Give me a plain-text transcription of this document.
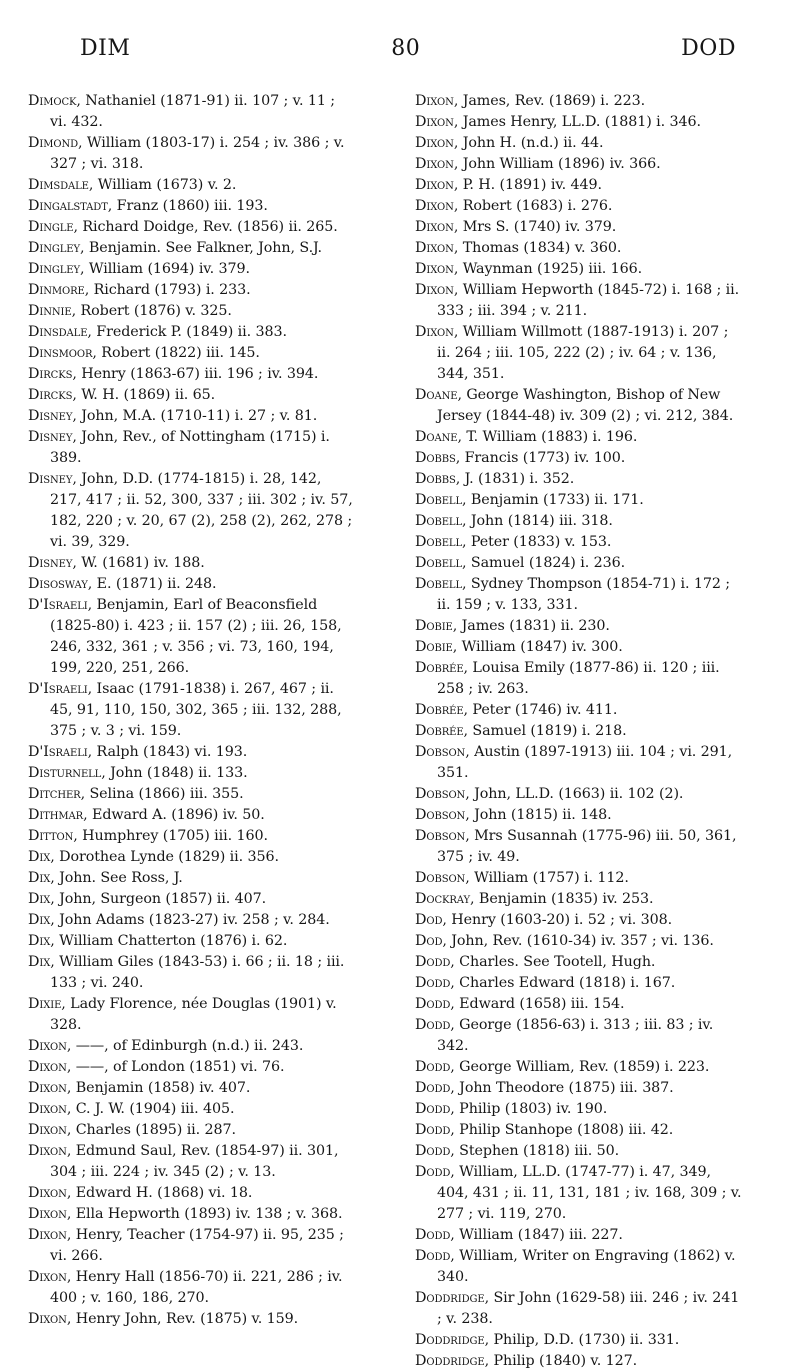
DIM	80	DOD
Dimock, Nathaniel (1871-91) ii. 107 ; v. 11 ; vi. 432.
Dimond, William (1803-17) i. 254 ; iv. 386 ; v. 327 ; vi. 318.
Dimsdale, William (1673) v. 2.
Dingalstadt, Franz (1860) iii. 193.
Dingle, Richard Doidge, Rev. (1856) ii. 265.
Dingley, Benjamin. See Falkner, John, S.J.
Dingley, William (1694) iv. 379.
Dinmore, Richard (1793) i. 233.
Dinnie, Robert (1876) v. 325.
Dinsdale, Frederick P. (1849) ii. 383.
Dinsmoor, Robert (1822) iii. 145.
Dircks, Henry (1863-67) iii. 196 ; iv. 394.
Dircks, W. H. (1869) ii. 65.
Disney, John, M.A. (1710-11) i. 27 ; v. 81.
Disney, John, Rev., of Nottingham (1715) i. 389.
Disney, John, D.D. (1774-1815) i. 28, 142, 217, 417 ; ii. 52, 300, 337 ; iii. 302 ; iv. 57, 182, 220 ; v. 20, 67 (2), 258 (2), 262, 278 ; vi. 39, 329.
Disney, W. (1681) iv. 188.
Disosway, E. (1871) ii. 248.
D'Israeli, Benjamin, Earl of Beaconsfield (1825-80) i. 423 ; ii. 157 (2) ; iii. 26, 158, 246, 332, 361 ; v. 356 ; vi. 73, 160, 194, 199, 220, 251, 266.
D'Israeli, Isaac (1791-1838) i. 267, 467 ; ii. 45, 91, 110, 150, 302, 365 ; iii. 132, 288, 375 ; v. 3 ; vi. 159.
D'Israeli, Ralph (1843) vi. 193.
Disturnell, John (1848) ii. 133.
Ditcher, Selina (1866) iii. 355.
Dithmar, Edward A. (1896) iv. 50.
Ditton, Humphrey (1705) iii. 160.
Dix, Dorothea Lynde (1829) ii. 356.
Dix, John. See Ross, J.
Dix, John, Surgeon (1857) ii. 407.
Dix, John Adams (1823-27) iv. 258 ; v. 284.
Dix, William Chatterton (1876) i. 62.
Dix, William Giles (1843-53) i. 66 ; ii. 18 ; iii. 133 ; vi. 240.
Dixie, Lady Florence, née Douglas (1901) v. 328.
Dixon, ——, of Edinburgh (n.d.) ii. 243.
Dixon, ——, of London (1851) vi. 76.
Dixon, Benjamin (1858) iv. 407.
Dixon, C. J. W. (1904) iii. 405.
Dixon, Charles (1895) ii. 287.
Dixon, Edmund Saul, Rev. (1854-97) ii. 301, 304 ; iii. 224 ; iv. 345 (2) ; v. 13.
Dixon, Edward H. (1868) vi. 18.
Dixon, Ella Hepworth (1893) iv. 138 ; v. 368.
Dixon, Henry, Teacher (1754-97) ii. 95, 235 ; vi. 266.
Dixon, Henry Hall (1856-70) ii. 221, 286 ; iv. 400 ; v. 160, 186, 270.
Dixon, Henry John, Rev. (1875) v. 159.
Dixon, James, Rev. (1869) i. 223.
Dixon, James Henry, LL.D. (1881) i. 346.
Dixon, John H. (n.d.) ii. 44.
Dixon, John William (1896) iv. 366.
Dixon, P. H. (1891) iv. 449.
Dixon, Robert (1683) i. 276.
Dixon, Mrs S. (1740) iv. 379.
Dixon, Thomas (1834) v. 360.
Dixon, Waynman (1925) iii. 166.
Dixon, William Hepworth (1845-72) i. 168 ; ii. 333 ; iii. 394 ; v. 211.
Dixon, William Willmott (1887-1913) i. 207 ; ii. 264 ; iii. 105, 222 (2) ; iv. 64 ; v. 136, 344, 351.
Doane, George Washington, Bishop of New Jersey (1844-48) iv. 309 (2) ; vi. 212, 384.
Doane, T. William (1883) i. 196.
Dobbs, Francis (1773) iv. 100.
Dobbs, J. (1831) i. 352.
Dobell, Benjamin (1733) ii. 171.
Dobell, John (1814) iii. 318.
Dobell, Peter (1833) v. 153.
Dobell, Samuel (1824) i. 236.
Dobell, Sydney Thompson (1854-71) i. 172 ; ii. 159 ; v. 133, 331.
Dobie, James (1831) ii. 230.
Dobie, William (1847) iv. 300.
Dobrée, Louisa Emily (1877-86) ii. 120 ; iii. 258 ; iv. 263.
Dobrée, Peter (1746) iv. 411.
Dobrée, Samuel (1819) i. 218.
Dobson, Austin (1897-1913) iii. 104 ; vi. 291, 351.
Dobson, John, LL.D. (1663) ii. 102 (2).
Dobson, John (1815) ii. 148.
Dobson, Mrs Susannah (1775-96) iii. 50, 361, 375 ; iv. 49.
Dobson, William (1757) i. 112.
Dockray, Benjamin (1835) iv. 253.
Dod, Henry (1603-20) i. 52 ; vi. 308.
Dod, John, Rev. (1610-34) iv. 357 ; vi. 136.
Dodd, Charles. See Tootell, Hugh.
Dodd, Charles Edward (1818) i. 167.
Dodd, Edward (1658) iii. 154.
Dodd, George (1856-63) i. 313 ; iii. 83 ; iv. 342.
Dodd, George William, Rev. (1859) i. 223.
Dodd, John Theodore (1875) iii. 387.
Dodd, Philip (1803) iv. 190.
Dodd, Philip Stanhope (1808) iii. 42.
Dodd, Stephen (1818) iii. 50.
Dodd, William, LL.D. (1747-77) i. 47, 349, 404, 431 ; ii. 11, 131, 181 ; iv. 168, 309 ; v. 277 ; vi. 119, 270.
Dodd, William (1847) iii. 227.
Dodd, William, Writer on Engraving (1862) v. 340.
Doddridge, Sir John (1629-58) iii. 246 ; iv. 241 ; v. 238.
Doddridge, Philip, D.D. (1730) ii. 331.
Doddridge, Philip (1840) v. 127.
